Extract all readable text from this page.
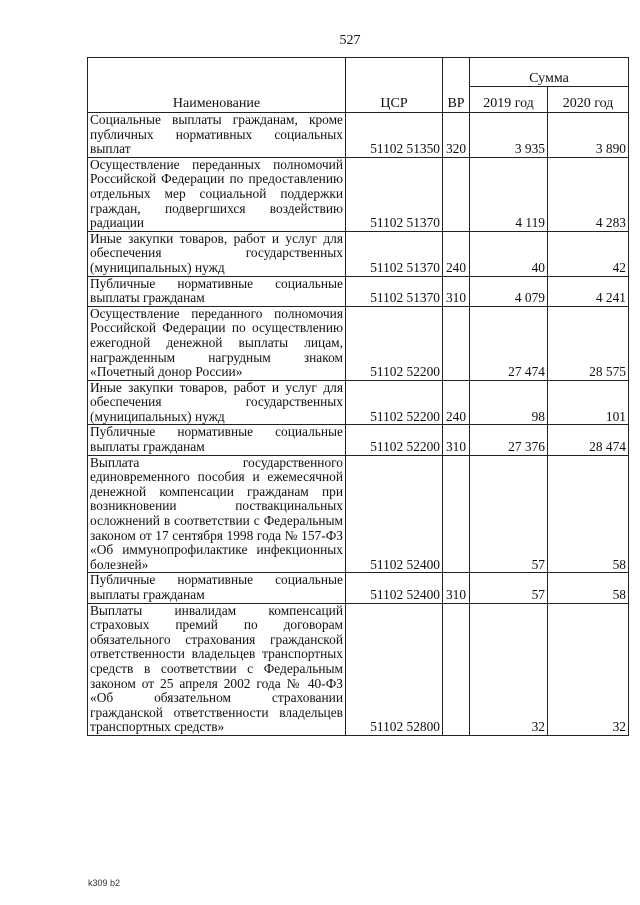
527
Наименование	ЦСР	ВР	Сумма	
			2019 год	2020 год
Социальные выплаты гражданам, кроме публичных нормативных социальных выплат	51102 51350	320	3 935	3 890
Осуществление переданных полномочий Российской Федерации по предоставлению отдельных мер социальной поддержки граждан, подвергшихся воздействию радиации	51102 51370		4 119	4 283
Иные закупки товаров, работ и услуг для обеспечения государственных (муниципальных) нужд	51102 51370	240	40	42
Публичные нормативные социальные выплаты гражданам	51102 51370	310	4 079	4 241
Осуществление переданного полномочия Российской Федерации по осуществлению ежегодной денежной выплаты лицам, награжденным нагрудным знаком «Почетный донор России»	51102 52200		27 474	28 575
Иные закупки товаров, работ и услуг для обеспечения государственных (муниципальных) нужд	51102 52200	240	98	101
Публичные нормативные социальные выплаты гражданам	51102 52200	310	27 376	28 474
Выплата государственного единовременного пособия и ежемесячной денежной компенсации гражданам при возникновении поствакцинальных осложнений в соответствии с Федеральным законом от 17 сентября 1998 года № 157-ФЗ «Об иммунопрофилактике инфекционных болезней»	51102 52400		57	58
Публичные нормативные социальные выплаты гражданам	51102 52400	310	57	58
Выплаты инвалидам компенсаций страховых премий по договорам обязательного страхования гражданской ответственности владельцев транспортных средств в соответствии с Федеральным законом от 25 апреля 2002 года № 40-ФЗ «Об обязательном страховании гражданской ответственности владельцев транспортных средств»	51102 52800		32	32
k309 b2
